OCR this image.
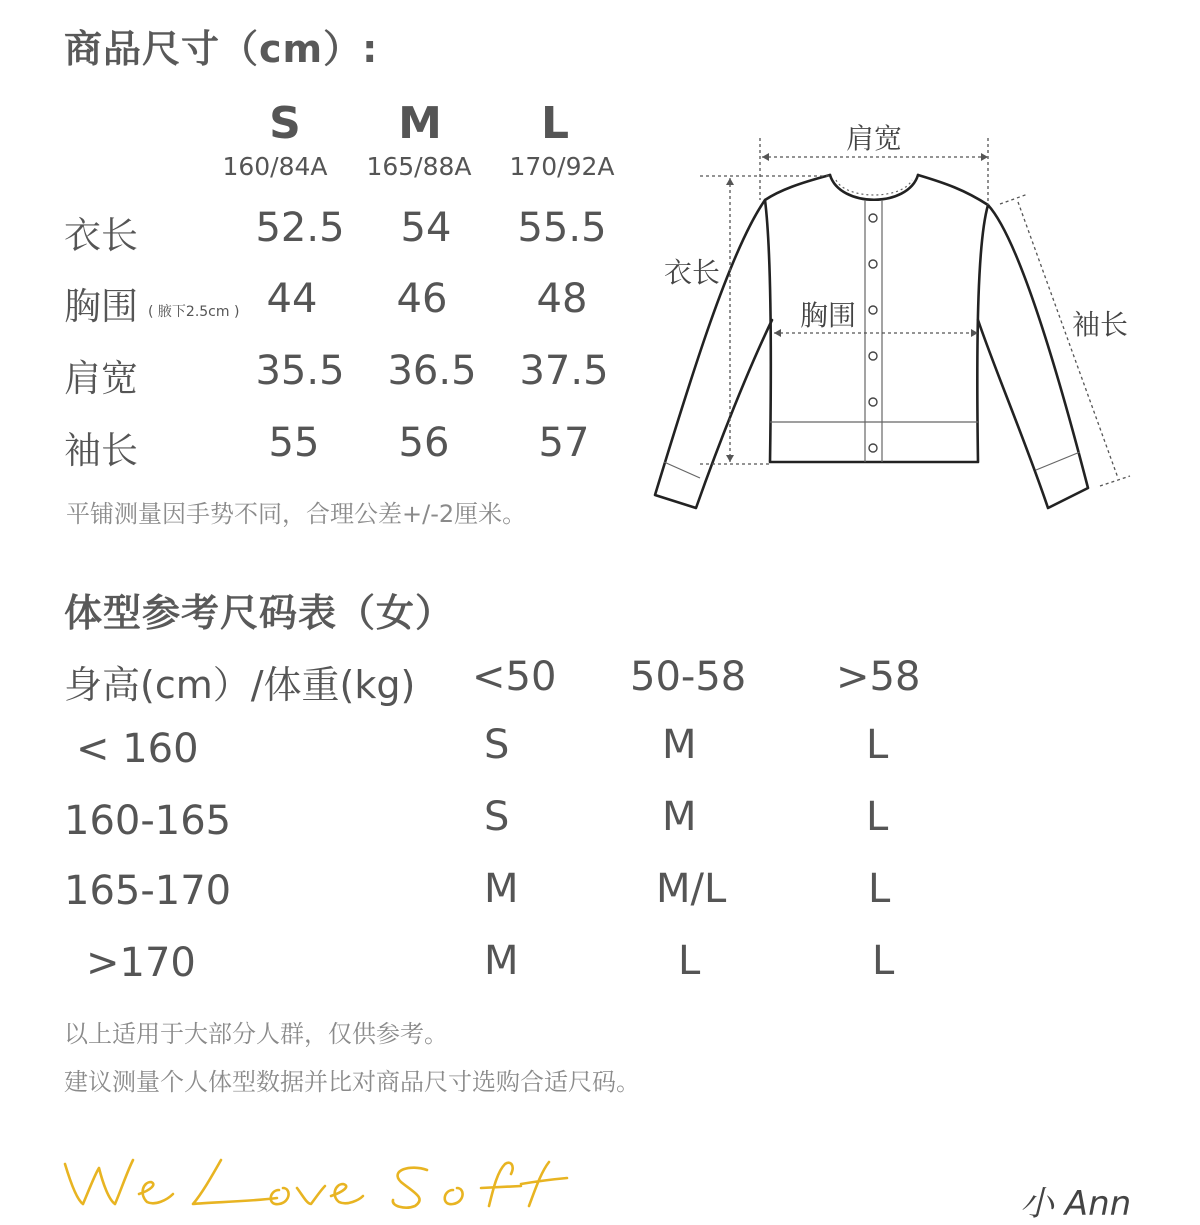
商品尺寸（cm）:
S	M	L
160/84A	165/88A	170/92A
衣长	52.5	54	55.5
胸围 ( 腋下2.5cm ) 44	46	48
肩宽	35.5	36.5	37.5
袖长	55	56	57
平铺测量因手势不同，合理公差+/-2厘米。
肩宽
衣长
胸围	袖长
体型参考尺码表（女）
身高(cm）/体重(kg) <50 50-58 >58
< 160	S	M	L
160-165	S	M	L
165-170	M	M/L	L
>170	M	L	L
以上适用于大部分人群，仅供参考。
建议测量个人体型数据并比对商品尺寸选购合适尺码。
小 Ann
